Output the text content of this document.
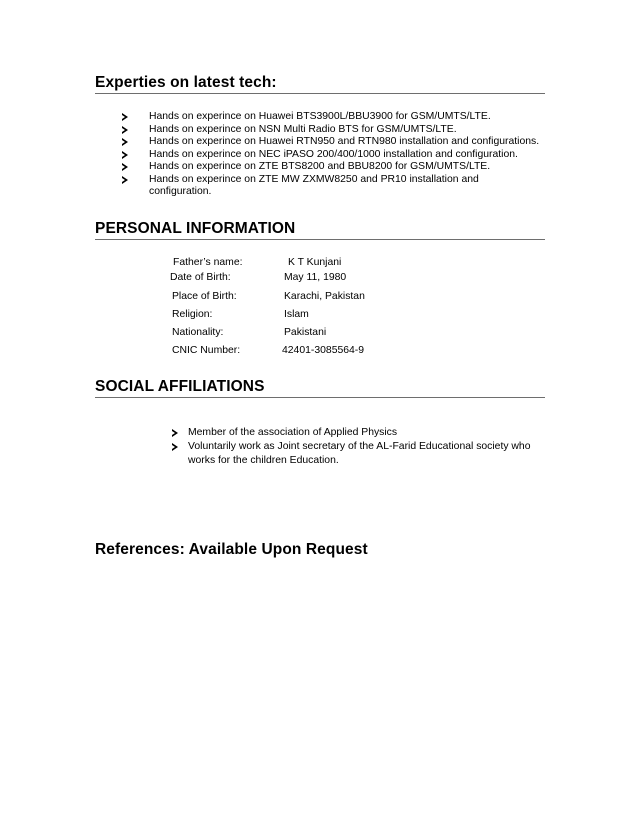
Experties on latest tech:
Hands on experince on Huawei BTS3900L/BBU3900 for GSM/UMTS/LTE.
Hands on experince on NSN Multi Radio BTS for GSM/UMTS/LTE.
Hands on experince on Huawei RTN950 and RTN980 installation and configurations.
Hands on experince on NEC iPASO 200/400/1000 installation and configuration.
Hands on experince on ZTE BTS8200 and BBU8200 for GSM/UMTS/LTE.
Hands on experince on ZTE MW ZXMW8250 and PR10 installation and configuration.
PERSONAL INFORMATION
Father’s name:	K T Kunjani
Date of Birth:	May 11, 1980
Place of Birth:	Karachi, Pakistan
Religion:	Islam
Nationality:	Pakistani
CNIC Number:	42401-3085564-9
SOCIAL AFFILIATIONS
Member of the association of Applied Physics
Voluntarily work as Joint secretary of the AL-Farid Educational society who works for the children Education.
References: Available Upon Request
